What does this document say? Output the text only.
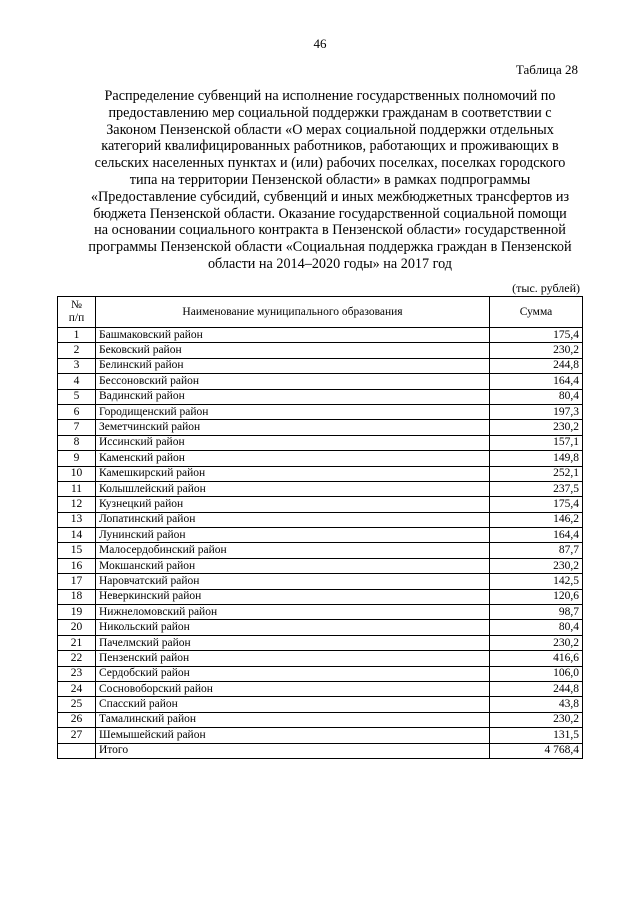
46
Таблица 28
Распределение субвенций на исполнение государственных полномочий по
предоставлению мер социальной поддержки гражданам в соответствии с
Законом Пензенской области «О мерах социальной поддержки отдельных
категорий квалифицированных работников, работающих и проживающих в
сельских населенных пунктах и (или) рабочих поселках, поселках городского
типа на территории Пензенской области» в рамках подпрограммы
«Предоставление субсидий, субвенций и иных межбюджетных трансфертов из
бюджета Пензенской области. Оказание государственной социальной помощи
на основании социального контракта в Пензенской области» государственной
программы Пензенской области «Социальная поддержка граждан в Пензенской
области на 2014–2020 годы» на 2017 год
(тыс. рублей)
№
п/п	Наименование муниципального образования	Сумма
1	Башмаковский район	175,4
2	Бековский район	230,2
3	Белинский район	244,8
4	Бессоновский район	164,4
5	Вадинский район	80,4
6	Городищенский район	197,3
7	Земетчинский район	230,2
8	Иссинский район	157,1
9	Каменский район	149,8
10	Камешкирский район	252,1
11	Колышлейский район	237,5
12	Кузнецкий район	175,4
13	Лопатинский район	146,2
14	Лунинский район	164,4
15	Малосердобинский район	87,7
16	Мокшанский район	230,2
17	Наровчатский район	142,5
18	Неверкинский район	120,6
19	Нижнеломовский район	98,7
20	Никольский район	80,4
21	Пачелмский район	230,2
22	Пензенский район	416,6
23	Сердобский район	106,0
24	Сосновоборский район	244,8
25	Спасский район	43,8
26	Тамалинский район	230,2
27	Шемышейский район	131,5
	Итого	4 768,4
